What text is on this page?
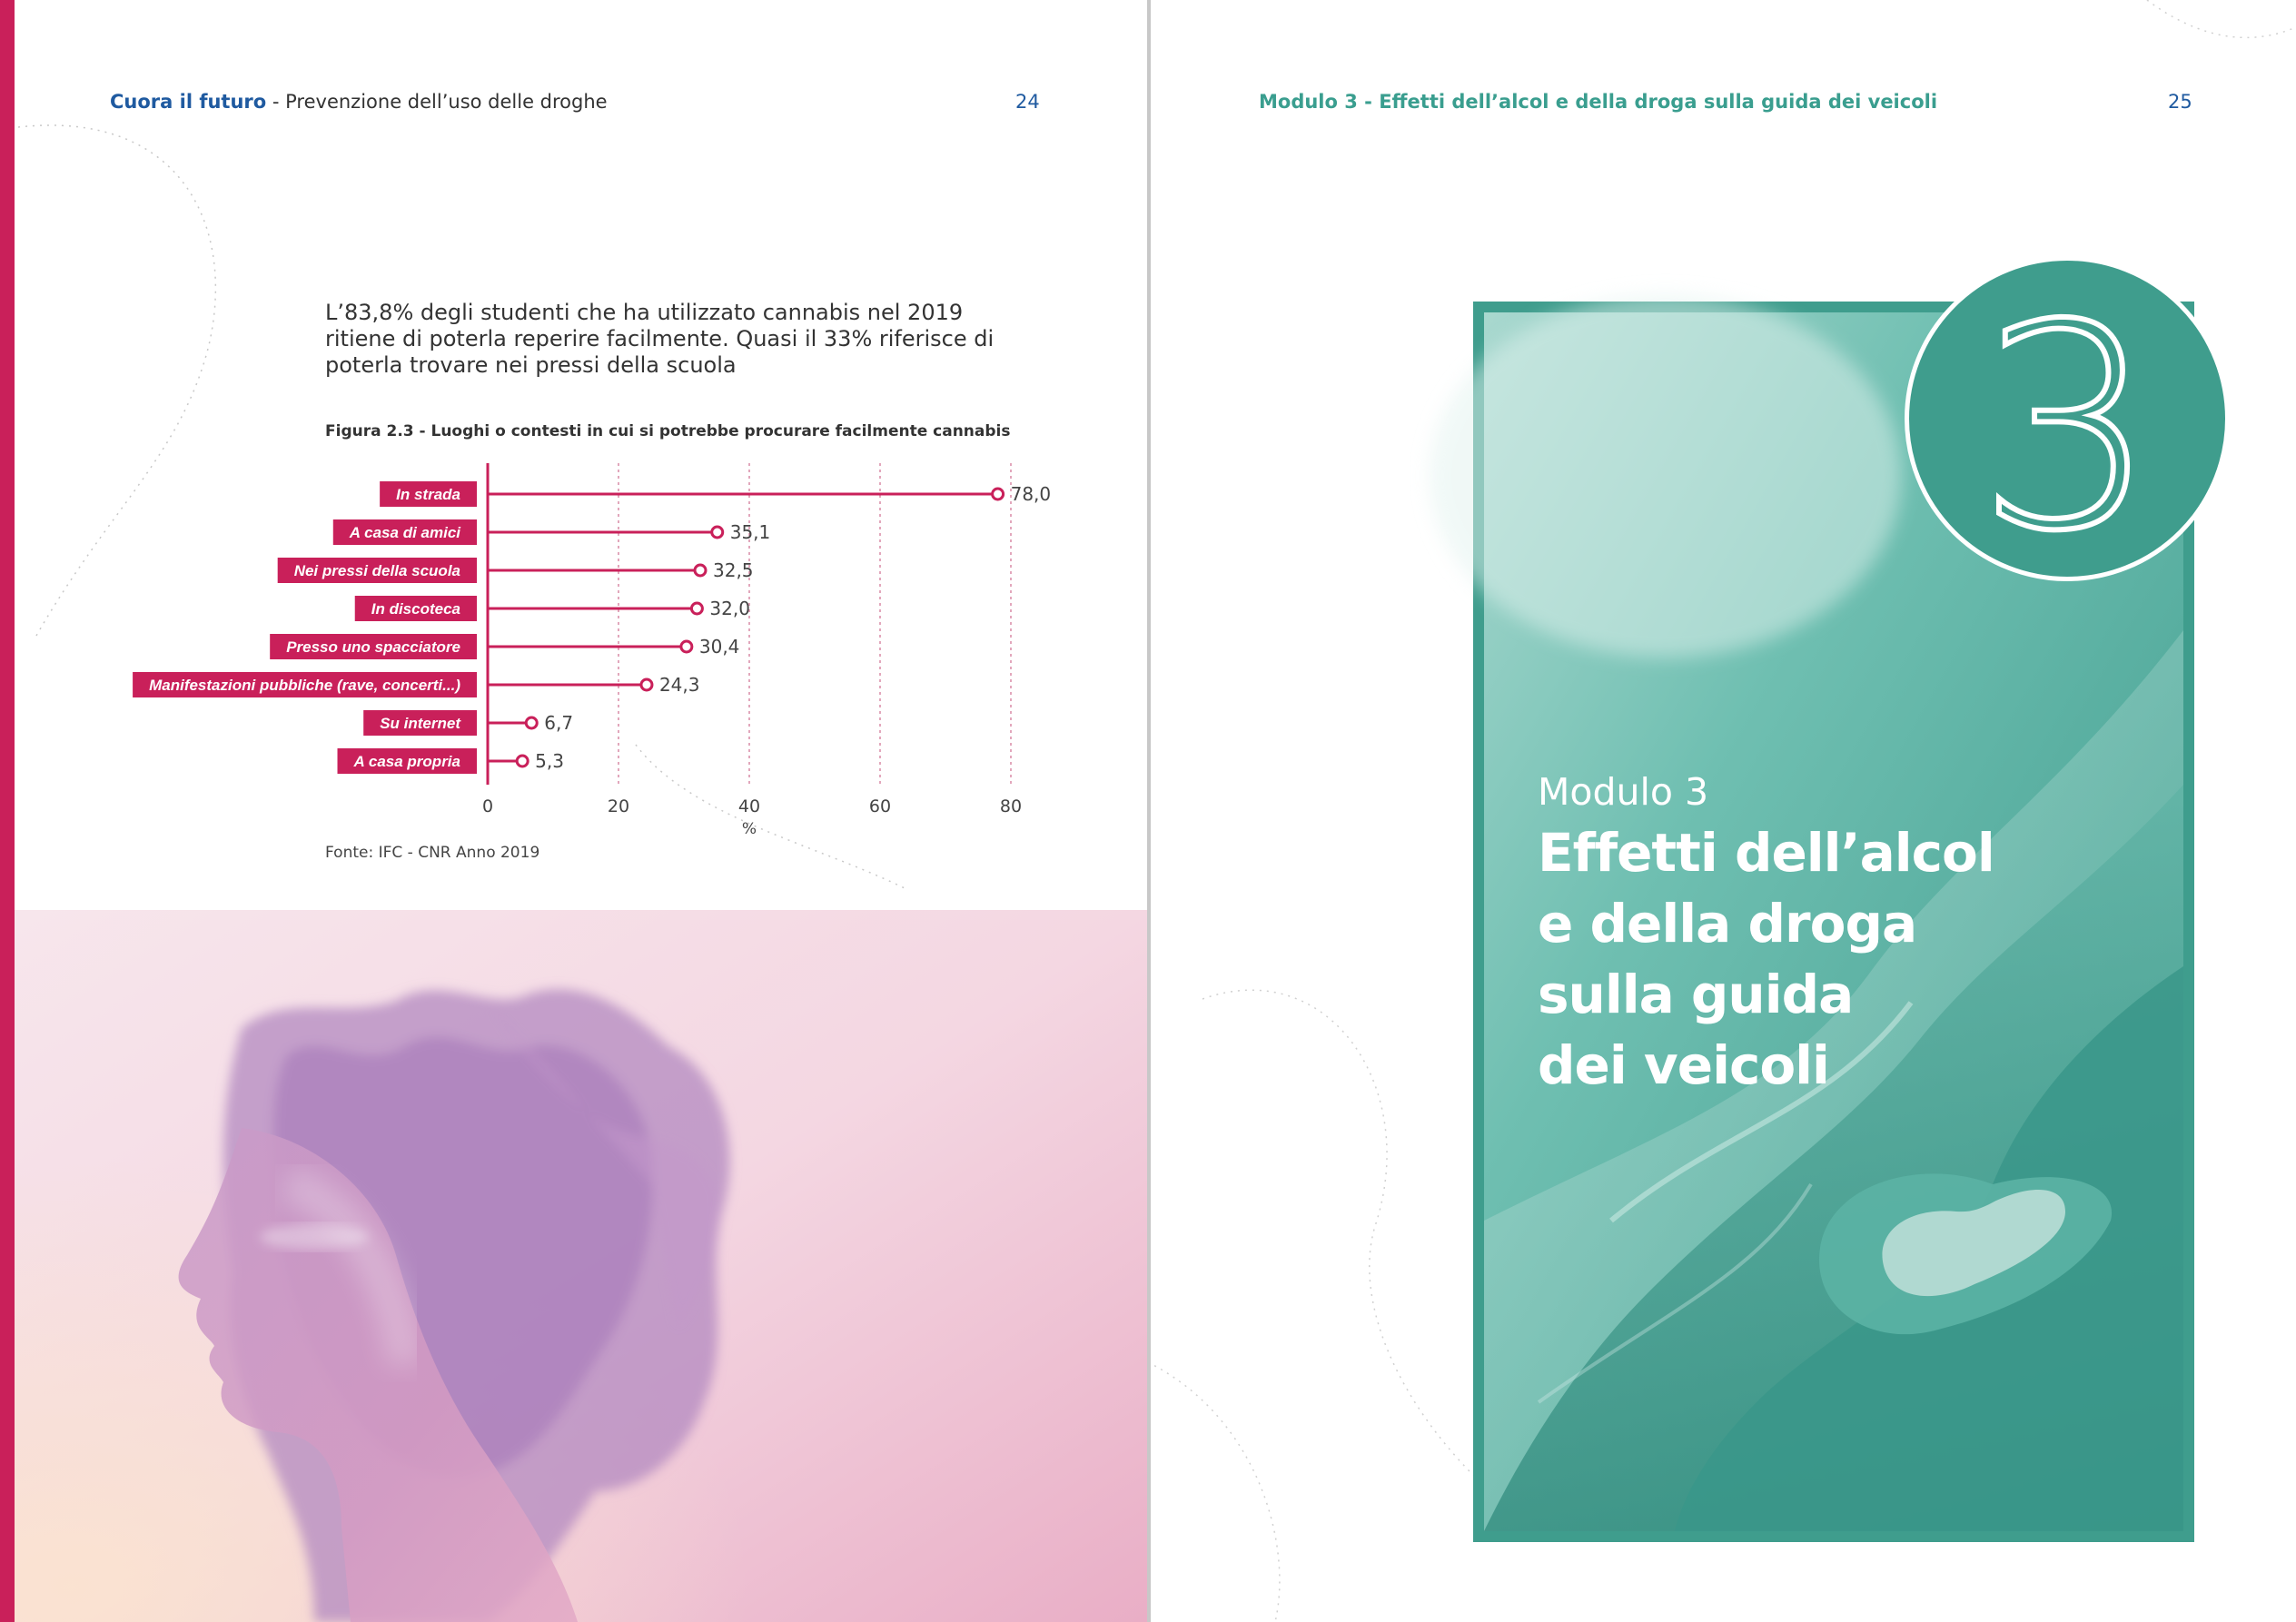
Cuora il futuro - Prevenzione dell’uso delle droghe	24
L’83,8% degli studenti che ha utilizzato cannabis nel 2019 ritiene di poterla reperire facilmente. Quasi il 33% riferisce di poterla trovare nei pressi della scuola
Figura 2.3 - Luoghi o contesti in cui si potrebbe procurare facilmente cannabis
In strada	78,0
A casa di amici	35,1
Nei pressi della scuola	32,5
In discoteca	32,0
Presso uno spacciatore	30,4
Manifestazioni pubbliche (rave, concerti...)	24,3
Su internet	6,7
A casa propria	5,3
0	20	40	60	80
%
Fonte: IFC - CNR Anno 2019
Modulo 3 - Effetti dell’alcol e della droga sulla guida dei veicoli	25
3
Modulo 3
Effetti dell’alcol
e della droga
sulla guida
dei veicoli
